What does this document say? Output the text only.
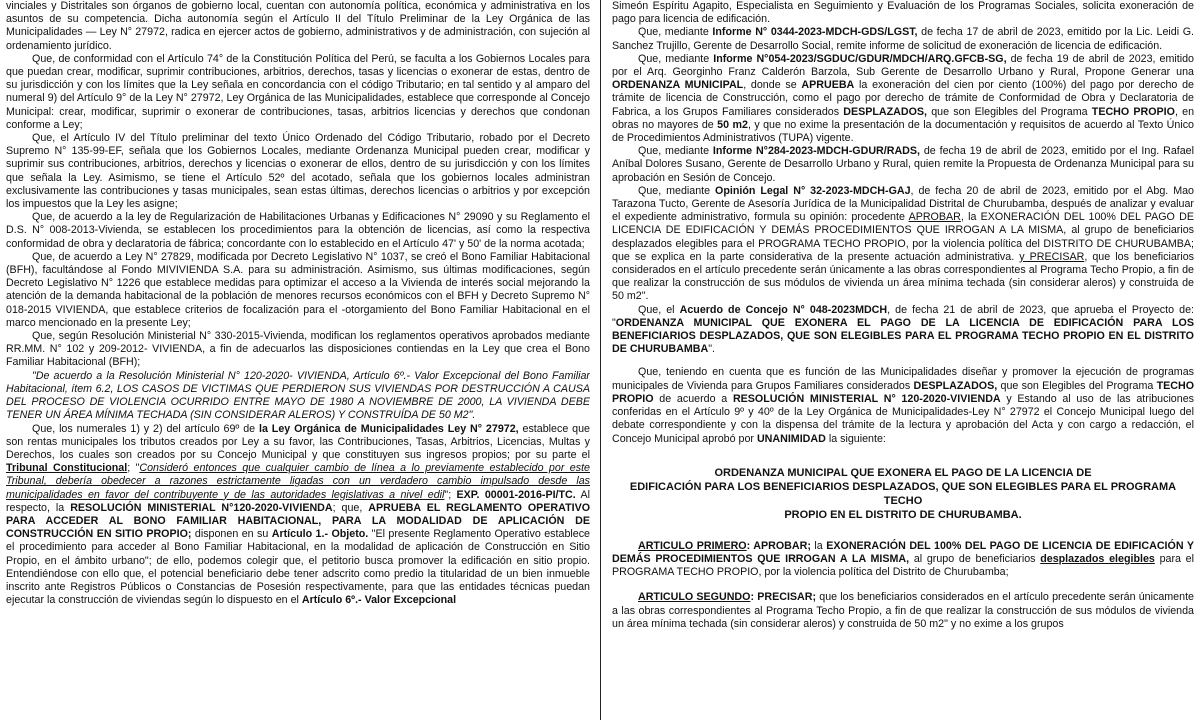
vinciales y Distritales son órganos de gobierno local, cuentan con autonomía política, económica y administrativa en los asuntos de su competencia. Dicha autonomía según el Artículo II del Título Preliminar de la Ley Orgánica de las Municipalidades — Ley N° 27972, radica en ejercer actos de gobierno, administrativos y de administración, con sujeción al ordenamiento jurídico.

Que, de conformidad con el Artículo 74° de la Constitución Política del Perú, se faculta a los Gobiernos Locales para que puedan crear, modificar, suprimir contribuciones, arbitrios, derechos, tasas y licencias o exonerar de estas, dentro de su jurisdicción y con los límites que la Ley señala en concordancia con el código Tributario; en tal sentido y al amparo del numeral 9) del Artículo 9° de la Ley N° 27972, Ley Orgánica de las Municipalidades, establece que corresponde al Concejo Municipal: crear, modificar, suprimir o exonerar de contribuciones, tasas, arbitrios licencias y derechos que condonan conforme a Ley;

Que, el Artículo IV del Título preliminar del texto Único Ordenado del Código Tributario, robado por el Decreto Supremo N° 135-99-EF, señala que los Gobiernos Locales, mediante Ordenanza Municipal pueden crear, modificar y suprimir sus contribuciones, arbitrios, derechos y licencias o exonerar de ellos, dentro de su jurisdicción y con los límites que señala la Ley. Asimismo, se tiene el Artículo 52º del acotado, señala que los gobiernos locales administran exclusivamente las contribuciones y tasas municipales, sean estas últimas, derechos licencias o arbitrios y por excepción los impuestos que la Ley les asigne;

Que, de acuerdo a la ley de Regularización de Habilitaciones Urbanas y Edificaciones N° 29090 y su Reglamento el D.S. N° 008-2013-Vivienda, se establecen los procedimientos para la obtención de licencias, así como la respectiva conformidad de obra y declaratoria de fábrica; concordante con lo establecido en el Artículo 47' y 50' de la norma acotada;

Que, de acuerdo a Ley N° 27829, modificada por Decreto Legislativo N° 1037, se creó el Bono Familiar Habitacional (BFH), facultándose al Fondo MIVIVIENDA S.A. para su administración. Asimismo, sus últimas modificaciones, según Decreto Legislativo N° 1226 que establece medidas para optimizar el acceso a la Vivienda de interés social mejorando la atención de la demanda habitacional de la población de menores recursos económicos con el BFH y Decreto Supremo N° 018-2015 VIVIENDA, que establece criterios de focalización para el -otorgamiento del Bono Familiar Habitacional en el marco mencionado en la presente Ley;

Que, según Resolución Ministerial N° 330-2015-Vivienda, modifican los reglamentos operativos aprobados mediante RR.MM. N° 102 y 209-2012- VIVIENDA, a fin de adecuarlos las disposiciones contiendas en la Ley que crea el Bono Familiar Habitacional (BFH);

"De acuerdo a la Resolución Ministerial N° 120-2020- VIVIENDA, Artículo 6º.- Valor Excepcional del Bono Familiar Habitacional, ítem 6.2, LOS CASOS DE VICTIMAS QUE PERDIERON SUS VIVIENDAS POR DESTRUCCIÓN A CAUSA DEL PROCESO DE VIOLENCIA OCURRIDO ENTRE MAYO DE 1980 A NOVIEMBRE DE 2000, LA VIVIENDA DEBE TENER UN ÁREA MÍNIMA TECHADA (SIN CONSIDERAR ALEROS) Y CONSTRUÍDA DE 50 M2".

Que, los numerales 1) y 2) del artículo 69º de la Ley Orgánica de Municipalidades Ley N° 27972, establece que son rentas municipales los tributos creados por Ley a su favor, las Contribuciones, Tasas, Arbitrios, Licencias, Multas y Derechos, los cuales son creados por su Concejo Municipal y que constituyen sus ingresos propios; por su parte el Tribunal Constitucional; "Consideró entonces que cualquier cambio de línea a lo previamente establecido por este Tribunal, debería obedecer a razones estrictamente ligadas con un verdadero cambio impulsado desde las municipalidades en favor del contribuyente y de las autoridades legislativas a nivel edil"; EXP. 00001-2016-PI/TC. Al respecto, la RESOLUCIÓN MINISTERIAL N°120-2020-VIVIENDA; que, APRUEBA EL REGLAMENTO OPERATIVO PARA ACCEDER AL BONO FAMILIAR HABITACIONAL, PARA LA MODALIDAD DE APLICACIÓN DE CONSTRUCCIÓN EN SITIO PROPIO; disponen en su Artículo 1.- Objeto. "El presente Reglamento Operativo establece el procedimiento para acceder al Bono Familiar Habitacional, en la modalidad de aplicación de Construcción en Sitio Propio, en el ámbito urbano"; de ello, podemos colegir que, el petitorio busca promover la edificación en sitio propio. Entendiéndose con ello que, el potencial beneficiario debe tener adscrito como predio la titularidad de un bien inmueble inscrito ante Registros Públicos o Constancias de Posesión respectivamente, para que las entidades técnicas puedan ejecutar la construcción de viviendas según lo dispuesto en el Artículo 6º.- Valor Excepcional

Simeón Espíritu Agapito, Especialista en Seguimiento y Evaluación de los Programas Sociales, solicita exoneración de pago para licencia de edificación.

Que, mediante Informe N° 0344-2023-MDCH-GDS/LGST, de fecha 17 de abril de 2023, emitido por la Lic. Leidi G. Sanchez Trujillo, Gerente de Desarrollo Social, remite informe de solicitud de exoneración de licencia de edificación.

Que, mediante Informe N°054-2023/SGDUC/GDUR/MDCH/ARQ.GFCB-SG, de fecha 19 de abril de 2023, emitido por el Arq. Georginho Franz Calderón Barzola, Sub Gerente de Desarrollo Urbano y Rural, Propone Generar una ORDENANZA MUNICIPAL, donde se APRUEBA la exoneración del cien por ciento (100%) del pago por derecho de trámite de licencia de Construcción, como el pago por derecho de trámite de Conformidad de Obra y Declaratoria de Fabrica, a los Grupos Familiares considerados DESPLAZADOS, que son Elegibles del Programa TECHO PROPIO, en obras no mayores de 50 m2, y que no exime la presentación de la documentación y requisitos de acuerdo al Texto Único de Procedimientos Administrativos (TUPA) vigente.

Que, mediante Informe N°284-2023-MDCH-GDUR/RADS, de fecha 19 de abril de 2023, emitido por el Ing. Rafael Aníbal Dolores Susano, Gerente de Desarrollo Urbano y Rural, quien remite la Propuesta de Ordenanza Municipal para su aprobación en Sesión de Concejo.

Que, mediante Opinión Legal N° 32-2023-MDCH-GAJ, de fecha 20 de abril de 2023, emitido por el Abg. Mao Tarazona Tucto, Gerente de Asesoría Jurídica de la Municipalidad Distrital de Churubamba, después de analizar y evaluar el expediente administrativo, formula su opinión: procedente APROBAR, la EXONERACIÓN DEL 100% DEL PAGO DE LICENCIA DE EDIFICACIÓN Y DEMÁS PROCEDIMIENTOS QUE IRROGAN A LA MISMA, al grupo de beneficiarios desplazados elegibles para el PROGRAMA TECHO PROPIO, por la violencia política del DISTRITO DE CHURUBAMBA; que se explica en la parte considerativa de la presente actuación administrativa. y PRECISAR, que los beneficiarios considerados en el artículo precedente serán únicamente a las obras correspondientes al Programa Techo Propio, a fin de que realizar la construcción de sus módulos de vivienda un área mínima techada (sin considerar aleros) y construida de 50 m2".

Que, el Acuerdo de Concejo N° 048-2023MDCH, de fecha 21 de abril de 2023, que aprueba el Proyecto de: "ORDENANZA MUNICIPAL QUE EXONERA EL PAGO DE LA LICENCIA DE EDIFICACIÓN PARA LOS BENEFICIARIOS DESPLAZADOS, QUE SON ELEGIBLES PARA EL PROGRAMA TECHO PROPIO EN EL DISTRITO DE CHURUBAMBA".

Que, teniendo en cuenta que es función de las Municipalidades diseñar y promover la ejecución de programas municipales de Vivienda para Grupos Familiares considerados DESPLAZADOS, que son Elegibles del Programa TECHO PROPIO de acuerdo a RESOLUCIÓN MINISTERIAL N° 120-2020-VIVIENDA y Estando al uso de las atribuciones conferidas en el Artículo 9º y 40º de la Ley Orgánica de Municipalidades-Ley N° 27972 el Concejo Municipal luego del debate correspondiente y con la dispensa del trámite de la lectura y aprobación del Acta y con cargo a redacción, el Concejo Municipal aprobó por UNANIMIDAD la siguiente:

ORDENANZA MUNICIPAL QUE EXONERA EL PAGO DE LA LICENCIA DE
EDIFICACIÓN PARA LOS BENEFICIARIOS DESPLAZADOS, QUE SON ELEGIBLES PARA EL PROGRAMA TECHO
PROPIO EN EL DISTRITO DE CHURUBAMBA.

ARTICULO PRIMERO: APROBAR; la EXONERACIÓN DEL 100% DEL PAGO DE LICENCIA DE EDIFICACIÓN Y DEMÁS PROCEDIMIENTOS QUE IRROGAN A LA MISMA, al grupo de beneficiarios desplazados elegibles para el PROGRAMA TECHO PROPIO, por la violencia política del Distrito de Churubamba;

ARTICULO SEGUNDO: PRECISAR; que los beneficiarios considerados en el artículo precedente serán únicamente a las obras correspondientes al Programa Techo Propio, a fin de que realizar la construcción de sus módulos de vivienda un área mínima techada (sin considerar aleros) y construida de 50 m2" y no exime a los grupos
